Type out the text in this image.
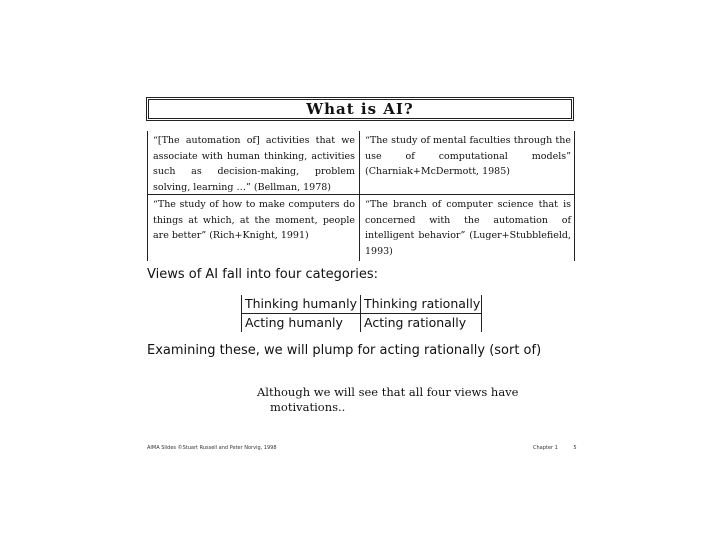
What is AI?
“[The automation of] activities that we associate with human thinking, activities such as decision-making, problem solving, learning …” (Bellman, 1978)
“The study of mental faculties through the use of computational models” (Charniak+McDermott, 1985)
“The study of how to make computers do things at which, at the moment, people are better” (Rich+Knight, 1991)
“The branch of computer science that is concerned with the automation of intelligent behavior” (Luger+Stubblefield, 1993)
Views of AI fall into four categories:
Thinking humanly Thinking rationally
Acting humanly Acting rationally
Examining these, we will plump for acting rationally (sort of)
Although we will see that all four views have
motivations..
AIMA Slides ©Stuart Russell and Peter Norvig, 1998	Chapter 1	5
